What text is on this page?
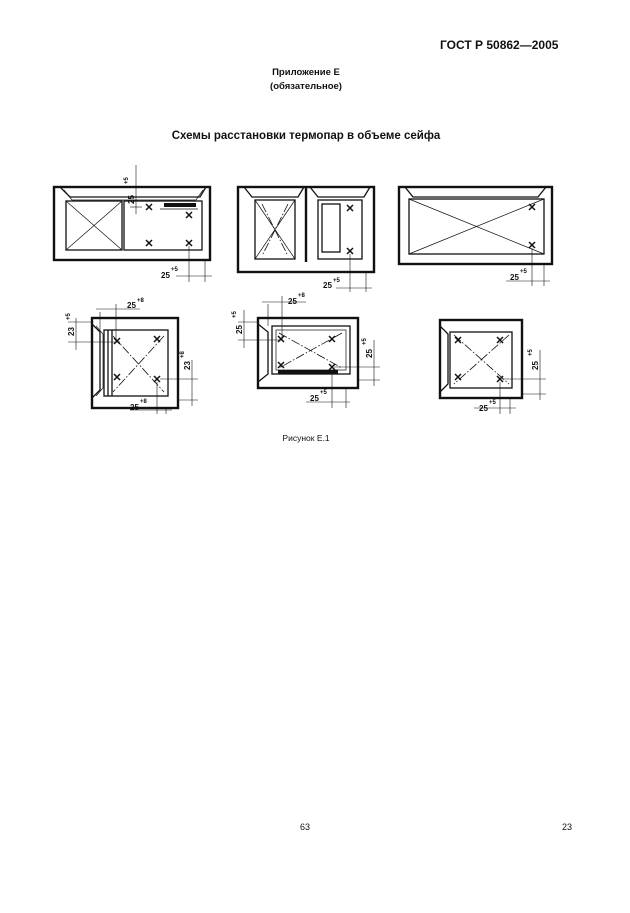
ГОСТ Р 50862—2005
Приложение Е
(обязательное)
Схемы расстановки термопар в объеме сейфа
25
+5
25
+5
25 +5	25
+5
23
+5
25 +8
23
+8
25
+8
25
+5
25
+8
25
+5
25
+5
25
+5
25
+5
Рисунок Е.1
63	23
